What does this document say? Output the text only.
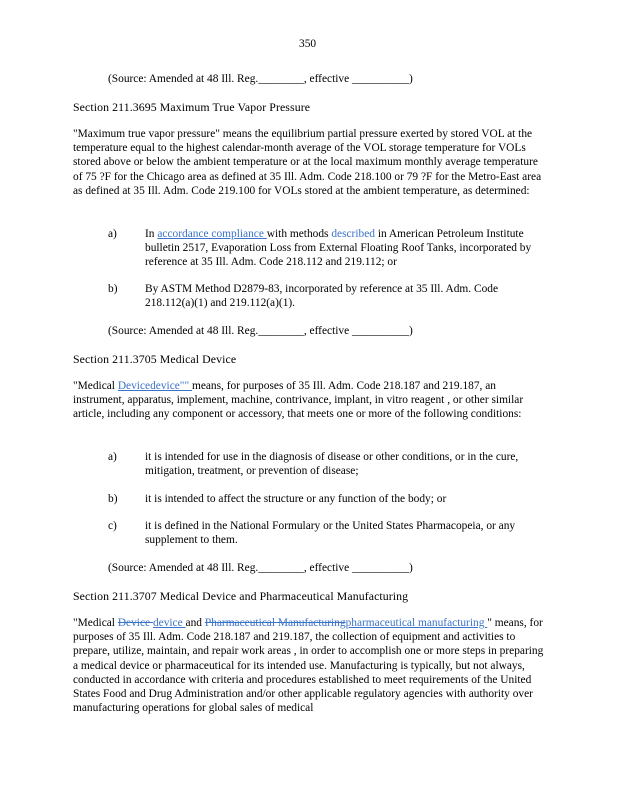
350
(Source: Amended at 48 Ill. Reg.________, effective __________)
Section 211.3695 Maximum True Vapor Pressure
"Maximum true vapor pressure" means the equilibrium partial pressure exerted by stored VOL at the temperature equal to the highest calendar-month average of the VOL storage temperature for VOLs stored above or below the ambient temperature or at the local maximum monthly average temperature of 75 ?F for the Chicago area as defined at 35 Ill. Adm. Code 218.100 or 79 ?F for the Metro-East area as defined at 35 Ill. Adm. Code 219.100 for VOLs stored at the ambient temperature, as determined:
a) In accordance compliance with methods described in American Petroleum Institute bulletin 2517, Evaporation Loss from External Floating Roof Tanks, incorporated by reference at 35 Ill. Adm. Code 218.112 and 219.112; or
b) By ASTM Method D2879-83, incorporated by reference at 35 Ill. Adm. Code 218.112(a)(1) and 219.112(a)(1).
(Source: Amended at 48 Ill. Reg.________, effective __________)
Section 211.3705 Medical Device
"Medical Devicedevice"" means, for purposes of 35 Ill. Adm. Code 218.187 and 219.187, an instrument, apparatus, implement, machine, contrivance, implant, in vitro reagent , or other similar article, including any component or accessory, that meets one or more of the following conditions:
a) it is intended for use in the diagnosis of disease or other conditions, or in the cure, mitigation, treatment, or prevention of disease;
b) it is intended to affect the structure or any function of the body; or
c) it is defined in the National Formulary or the United States Pharmacopeia, or any supplement to them.
(Source: Amended at 48 Ill. Reg.________, effective __________)
Section 211.3707 Medical Device and Pharmaceutical Manufacturing
"Medical Device device and Pharmaceutical Manufacturingpharmaceutical manufacturing " means, for purposes of 35 Ill. Adm. Code 218.187 and 219.187, the collection of equipment and activities to prepare, utilize, maintain, and repair work areas , in order to accomplish one or more steps in preparing a medical device or pharmaceutical for its intended use. Manufacturing is typically, but not always, conducted in accordance with criteria and procedures established to meet requirements of the United States Food and Drug Administration and/or other applicable regulatory agencies with authority over manufacturing operations for global sales of medical
